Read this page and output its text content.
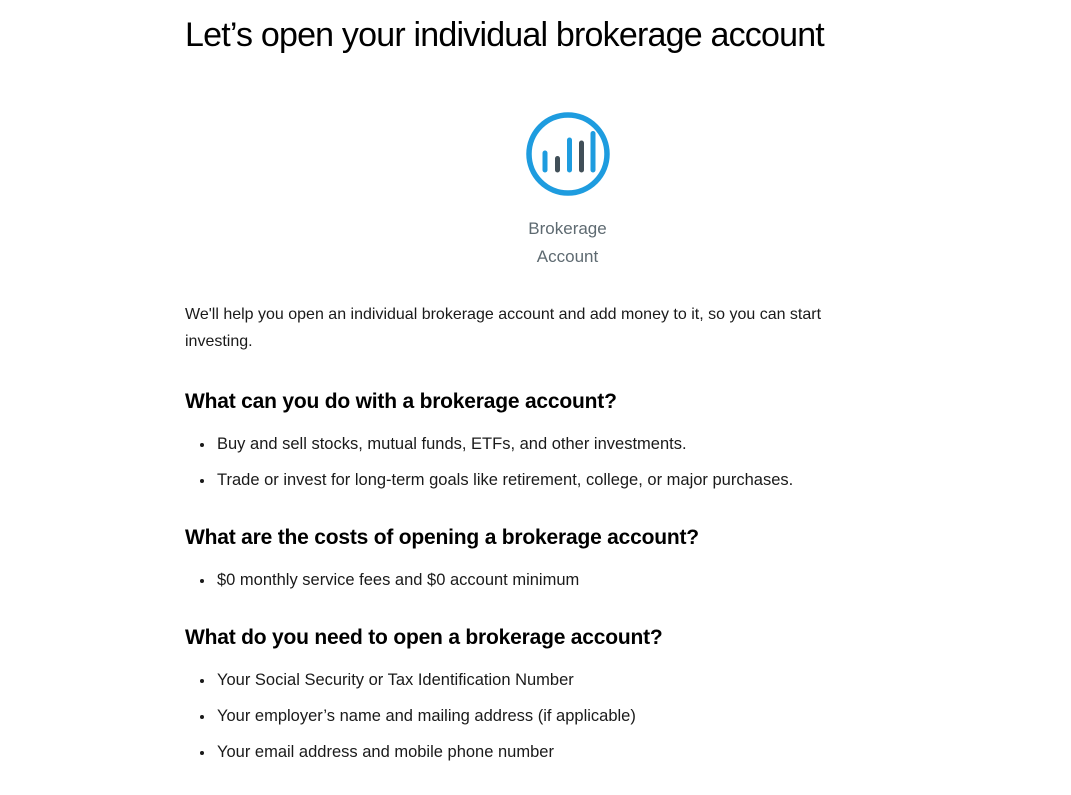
Let’s open your individual brokerage account
Brokerage
Account

We'll help you open an individual brokerage account and add money to it, so you can start investing.

What can you do with a brokerage account?
Buy and sell stocks, mutual funds, ETFs, and other investments.
Trade or invest for long-term goals like retirement, college, or major purchases.
What are the costs of opening a brokerage account?
$0 monthly service fees and $0 account minimum
What do you need to open a brokerage account?
Your Social Security or Tax Identification Number
Your employer’s name and mailing address (if applicable)
Your email address and mobile phone number
